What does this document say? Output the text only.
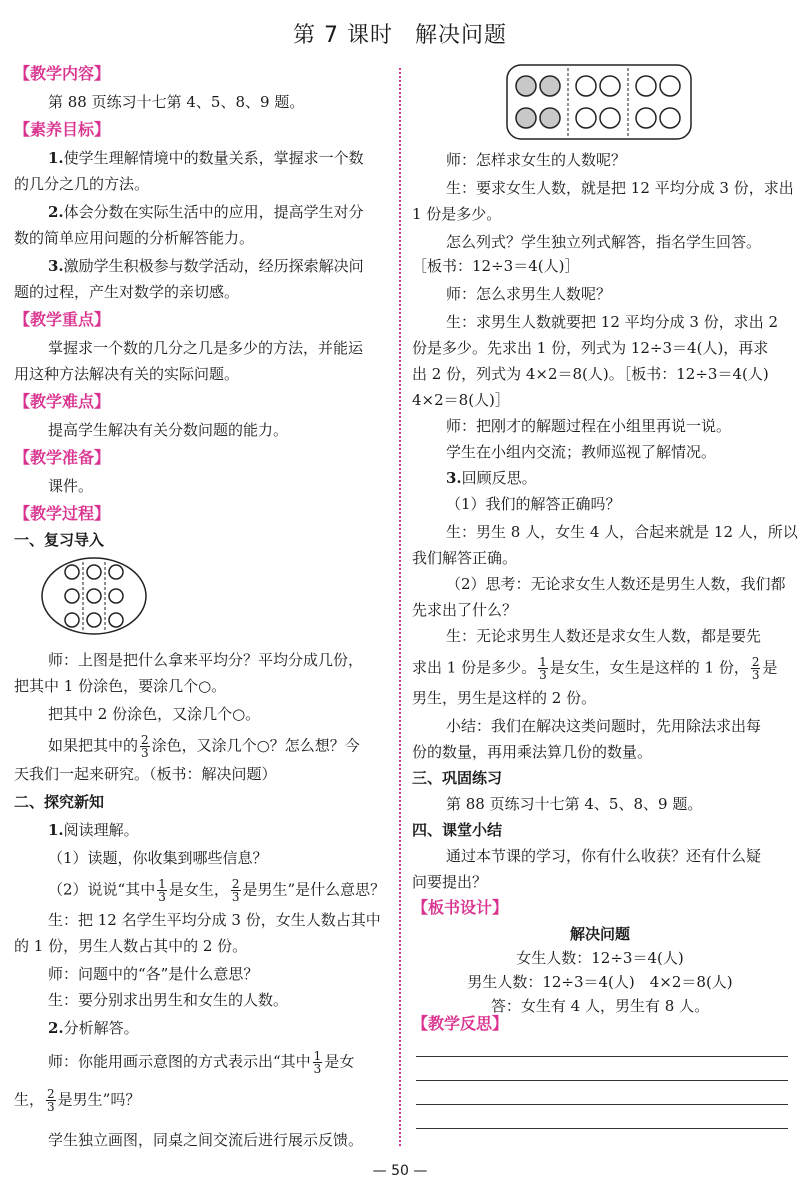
第 7 课时 解决问题
【教学内容】
第 88 页练习十七第 4、5、8、9 题。
【素养目标】
1.使学生理解情境中的数量关系，掌握求一个数
的几分之几的方法。
2.体会分数在实际生活中的应用，提高学生对分
数的简单应用问题的分析解答能力。
3.激励学生积极参与数学活动，经历探索解决问
题的过程，产生对数学的亲切感。
【教学重点】
掌握求一个数的几分之几是多少的方法，并能运
用这种方法解决有关的实际问题。
【教学难点】
提高学生解决有关分数问题的能力。
【教学准备】
课件。
【教学过程】
一、复习导入
师：上图是把什么拿来平均分？平均分成几份，
把其中 1 份涂色，要涂几个○。
把其中 2 份涂色，又涂几个○。
如果把其中的 $\frac{2}{3}$ 涂色，又涂几个○？怎么想？今
天我们一起来研究。（板书：解决问题）
二、探究新知
1.阅读理解。
（1）读题，你收集到哪些信息？
（2）说说“其中 $\frac{1}{3}$ 是女生， $\frac{2}{3}$ 是男生”是什么意思？
生：把 12 名学生平均分成 3 份，女生人数占其中
的 1 份，男生人数占其中的 2 份。
师：问题中的“各”是什么意思？
生：要分别求出男生和女生的人数。
2.分析解答。
师：你能用画示意图的方式表示出“其中 $\frac{1}{3}$ 是女
生， $\frac{2}{3}$ 是男生”吗？
学生独立画图，同桌之间交流后进行展示反馈。
师：怎样求女生的人数呢？
生：要求女生人数，就是把 12 平均分成 3 份，求出
1 份是多少。
怎么列式？学生独立列式解答，指名学生回答。
［板书：12÷3＝4(人)］
师：怎么求男生人数呢？
生：求男生人数就要把 12 平均分成 3 份，求出 2
份是多少。先求出 1 份，列式为 12÷3＝4(人)，再求
出 2 份，列式为 4×2＝8(人)。［板书：12÷3＝4(人)
4×2＝8(人)］
师：把刚才的解题过程在小组里再说一说。
学生在小组内交流；教师巡视了解情况。
3.回顾反思。
（1）我们的解答正确吗？
生：男生 8 人，女生 4 人，合起来就是 12 人，所以
我们解答正确。
（2）思考：无论求女生人数还是男生人数，我们都
先求出了什么？
生：无论求男生人数还是求女生人数，都是要先
求出 1 份是多少。 $\frac{1}{3}$ 是女生，女生是这样的 1 份， $\frac{2}{3}$ 是
男生，男生是这样的 2 份。
小结：我们在解决这类问题时，先用除法求出每
份的数量，再用乘法算几份的数量。
三、巩固练习
第 88 页练习十七第 4、5、8、9 题。
四、课堂小结
通过本节课的学习，你有什么收获？还有什么疑
问要提出？
【板书设计】
解决问题
女生人数：12÷3＝4(人)
男生人数：12÷3＝4(人)　4×2＝8(人)
答：女生有 4 人，男生有 8 人。
【教学反思】
— 50 —
